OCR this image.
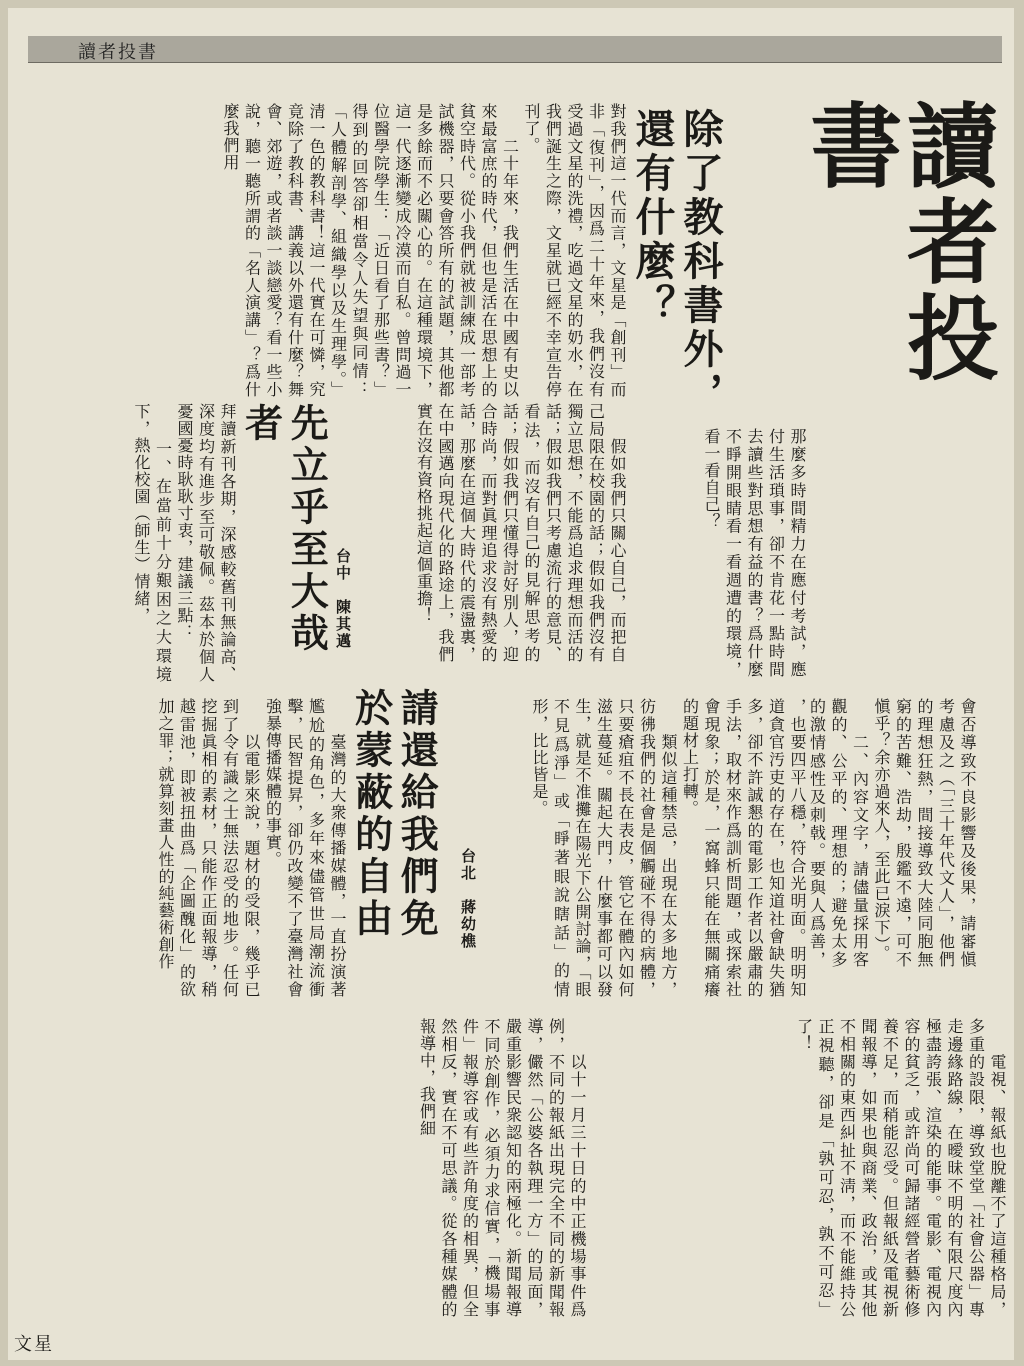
讀者投書
讀者投書
除了教科書外，還有什麼？
先立乎至大哉者
請還給我們免於蒙蔽的自由
台中　陳其邁
台北　蔣幼樵
對我們這一代而言，文星是「創刊」而非「復刊」，因爲二十年來，我們沒有受過文星的洗禮，吃過文星的奶水，在我們誕生之際，文星就已經不幸宣告停刊了。
　　二十年來，我們生活在中國有史以來最富庶的時代，但也是活在思想上的貧空時代。從小我們就被訓練成一部考試機器，只要會答所有的試題，其他都是多餘而不必關心的。在這種環境下，這一代逐漸變成冷漠而自私。曾問過一位醫學院學生：「近日看了那些書？」得到的回答卻相當令人失望與同情：「人體解剖學、組織學以及生理學。」清一色的教科書！這一代實在可憐，究竟除了教科書、講義以外還有什麼？舞會、郊遊，或者談一談戀愛？看一些小說，聽一聽所謂的「名人演講」？爲什麼我們用
那麼多時間精力在應付考試，應付生活瑣事，卻不肯花一點時間去讀些對思想有益的書？爲什麼不睜開眼睛看一看週遭的環境，看一看自己？
　　假如我們只關心自己，而把自己局限在校園的話；假如我們沒有獨立思想，不能爲追求理想而活的話；假如我們只考慮流行的意見、看法，而沒有自己的見解思考的話；假如我們只懂得討好別人，迎合時尚，而對眞理追求沒有熱愛的話，那麼在這個大時代的震盪裏，在中國邁向現代化的路途上，我們實在沒有資格挑起這個重擔！
拜讀新刊各期，深感較舊刊無論高、深度均有進步至可敬佩。茲本於個人憂國憂時耿耿寸衷，建議三點：
　　一、在當前十分艱困之大環境下，熱化校園（師生）情緒，
會否導致不良影響及後果，請審愼考慮及之（「三十年代文人」，他們的理想狂熱，間接導致大陸同胞無窮的苦難、浩劫，殷鑑不遠，可不愼乎？余亦過來人，至此已淚下）。
　　二、內容文字，請儘量採用客觀的、公平的、理想的；避免太多的激情感性及刺戟。要與人爲善，

　　臺灣的大衆傳播媒體，一直扮演著尷尬的角色，多年來儘管世局潮流衝擊，民智提昇，卻仍改變不了臺灣社會強暴傳播媒體的事實。
　　以電影來說，題材的受限，幾乎已到了令有識之士無法忍受的地步。任何挖掘眞相的素材，只能作正面報導，稍越雷池，即被扭曲爲「企圖醜化」的欲加之罪；就算刻畫人性的純藝術創作	，也要四平八穩，符合光明面。明明知道貪官汚吏的存在，也知道社會缺失猶多，卻不許誠懇的電影工作者以嚴肅的手法，取材來作爲訓析問題，或探索社會現象；於是，一窩蜂只能在無關痛癢的題材上打轉。
　　類似這種禁忌，出現在太多地方，彷彿我們的社會是個觸碰不得的病體，只要瘡疽不長在表皮，管它在體內如何滋生蔓延。關起大門，什麼事都可以發生，就是不准攤在陽光下公開討論，「眼不見爲淨」或「睜著眼說瞎話」的情形，比比皆是。
　　電視、報紙也脫離不了這種格局，多重的設限，導致堂堂「社會公器」專走邊緣路線，在曖昧不明的有限尺度內極盡誇張、渲染的能事。電影、電視內容的貧乏，或許尚可歸諸經營者藝術修養不足，而稍能忍受。但報紙及電視新聞報導，如果也與商業、政治，或其他不相關的東西糾扯不淸，而不能維持公正視聽，卻是「孰可忍，孰不可忍」了！
　　以十一月三十日的中正機場事件爲例，不同的報紙出現完全不同的新聞報導，儼然「公婆各執理一方」的局面，嚴重影響民衆認知的兩極化。新聞報導不同於創作，必須力求信實，「機場事件」報導容或有些許角度的相異，但全然相反，實在不可思議。從各種媒體的報導中，我們細
文星
